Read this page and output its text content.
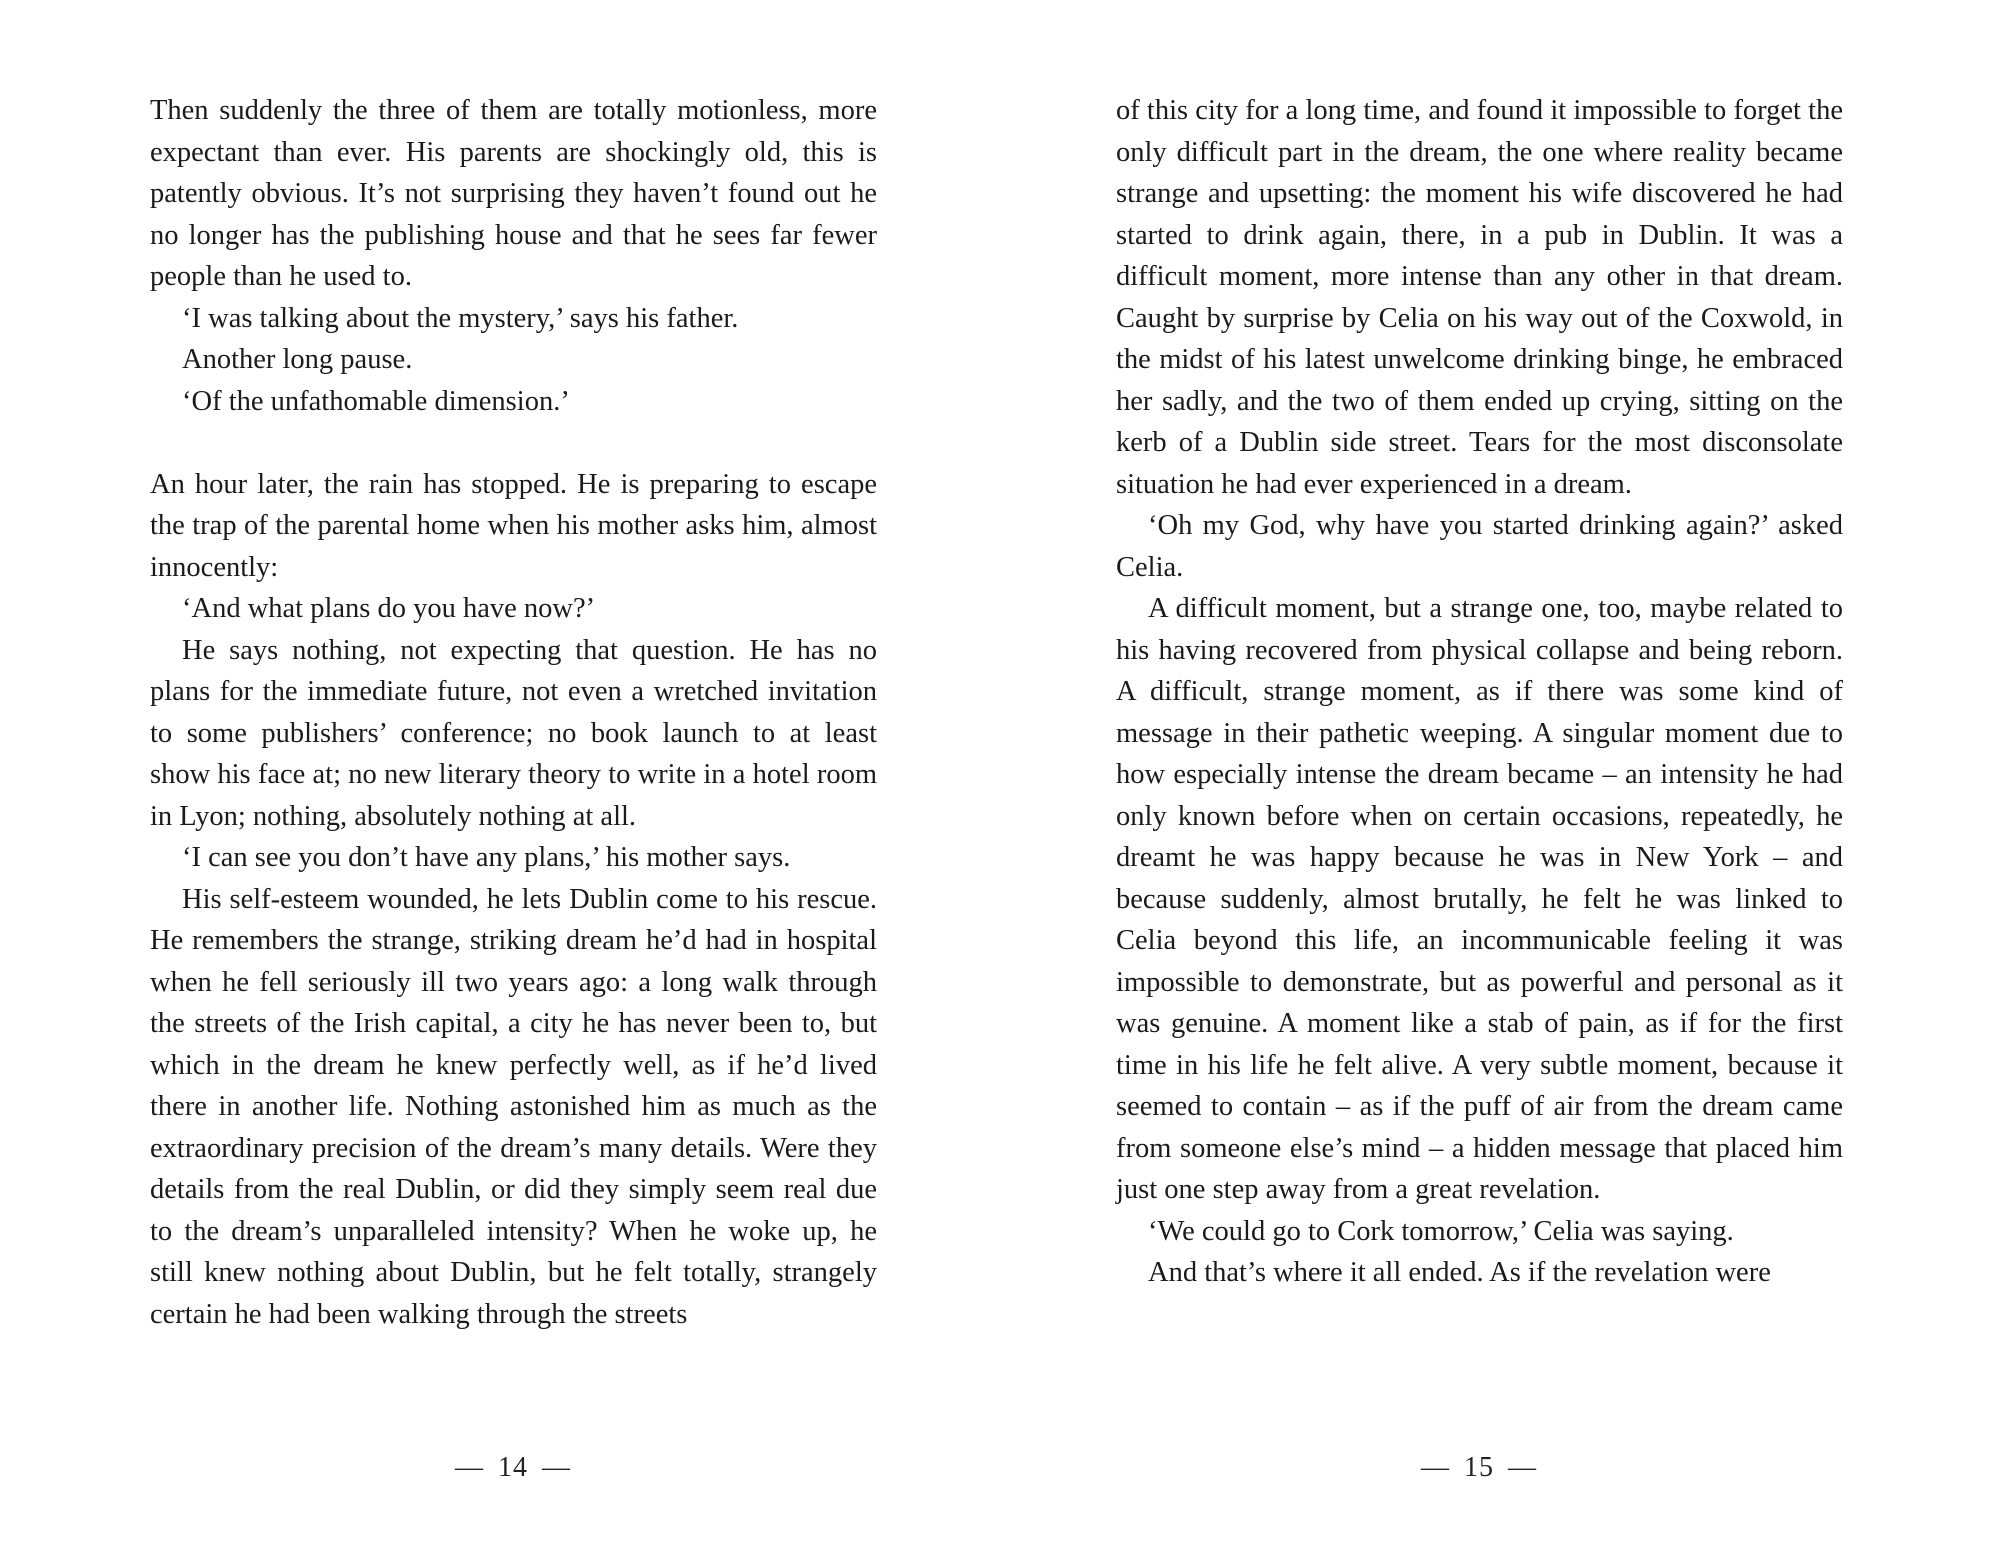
Then suddenly the three of them are totally motionless, more expectant than ever. His parents are shockingly old, this is patently obvious. It’s not surprising they haven’t found out he no longer has the publishing house and that he sees far fewer people than he used to.

‘I was talking about the mystery,’ says his father.

Another long pause.

‘Of the unfathomable dimension.’

An hour later, the rain has stopped. He is preparing to escape the trap of the parental home when his mother asks him, almost innocently:

‘And what plans do you have now?’

He says nothing, not expecting that question. He has no plans for the immediate future, not even a wretched invitation to some publishers’ conference; no book launch to at least show his face at; no new literary theory to write in a hotel room in Lyon; nothing, absolutely nothing at all.

‘I can see you don’t have any plans,’ his mother says.

His self-esteem wounded, he lets Dublin come to his rescue. He remembers the strange, striking dream he’d had in hospital when he fell seriously ill two years ago: a long walk through the streets of the Irish capital, a city he has never been to, but which in the dream he knew perfectly well, as if he’d lived there in another life. Nothing astonished him as much as the extraordinary precision of the dream’s many details. Were they details from the real Dublin, or did they simply seem real due to the dream’s unparalleled intensity? When he woke up, he still knew nothing about Dublin, but he felt totally, strangely certain he had been walking through the streets

— 14 —

of this city for a long time, and found it impossible to forget the only difficult part in the dream, the one where reality became strange and upsetting: the moment his wife discovered he had started to drink again, there, in a pub in Dublin. It was a difficult moment, more intense than any other in that dream. Caught by surprise by Celia on his way out of the Coxwold, in the midst of his latest unwelcome drinking binge, he embraced her sadly, and the two of them ended up crying, sitting on the kerb of a Dublin side street. Tears for the most disconsolate situation he had ever experienced in a dream.

‘Oh my God, why have you started drinking again?’ asked Celia.

A difficult moment, but a strange one, too, maybe related to his having recovered from physical collapse and being reborn. A difficult, strange moment, as if there was some kind of message in their pathetic weeping. A singular moment due to how especially intense the dream became – an intensity he had only known before when on certain occasions, repeatedly, he dreamt he was happy because he was in New York – and because suddenly, almost brutally, he felt he was linked to Celia beyond this life, an incommunicable feeling it was impossible to demonstrate, but as powerful and personal as it was genuine. A moment like a stab of pain, as if for the first time in his life he felt alive. A very subtle moment, because it seemed to contain – as if the puff of air from the dream came from someone else’s mind – a hidden message that placed him just one step away from a great revelation.

‘We could go to Cork tomorrow,’ Celia was saying.

And that’s where it all ended. As if the revelation were

— 15 —
